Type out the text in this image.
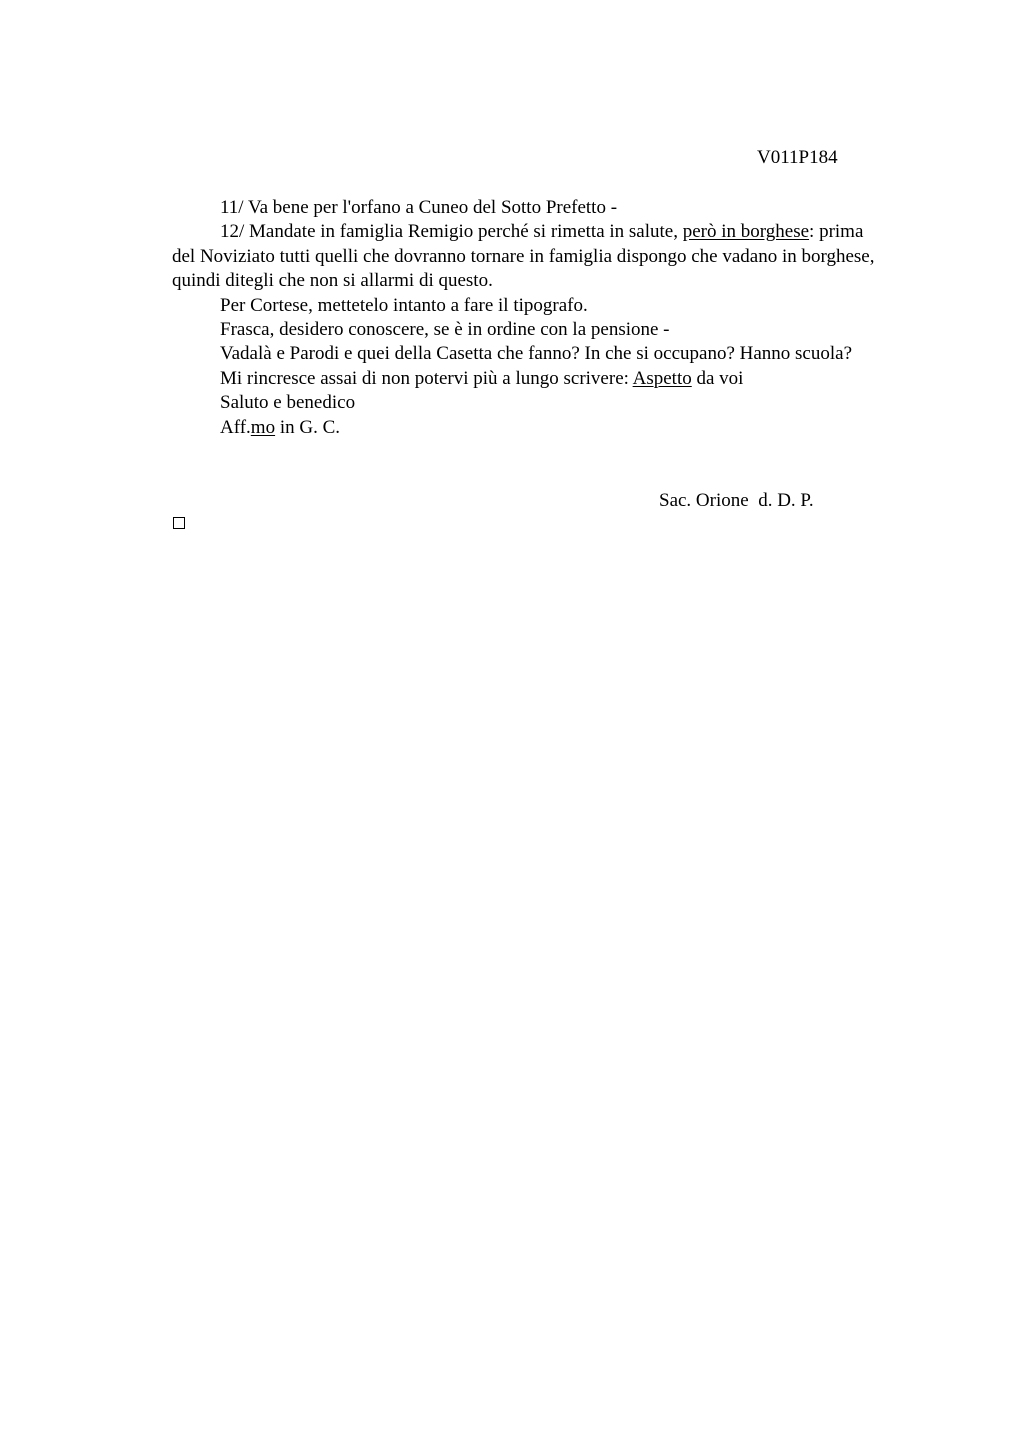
V011P184

11/ Va bene per l'orfano a Cuneo del Sotto Prefetto -

12/ Mandate in famiglia Remigio perché si rimetta in salute, però in borghese: prima del Noviziato tutti quelli che dovranno tornare in famiglia dispongo che vadano in borghese, quindi ditegli che non si allarmi di questo.

Per Cortese, mettetelo intanto a fare il tipografo.

Frasca, desidero conoscere, se è in ordine con la pensione -

Vadalà e Parodi e quei della Casetta che fanno? In che si occupano? Hanno scuola?

Mi rincresce assai di non potervi più a lungo scrivere: Aspetto da voi

Saluto e benedico

Aff.mo in G. C.

Sac. Orione  d. D. P.
